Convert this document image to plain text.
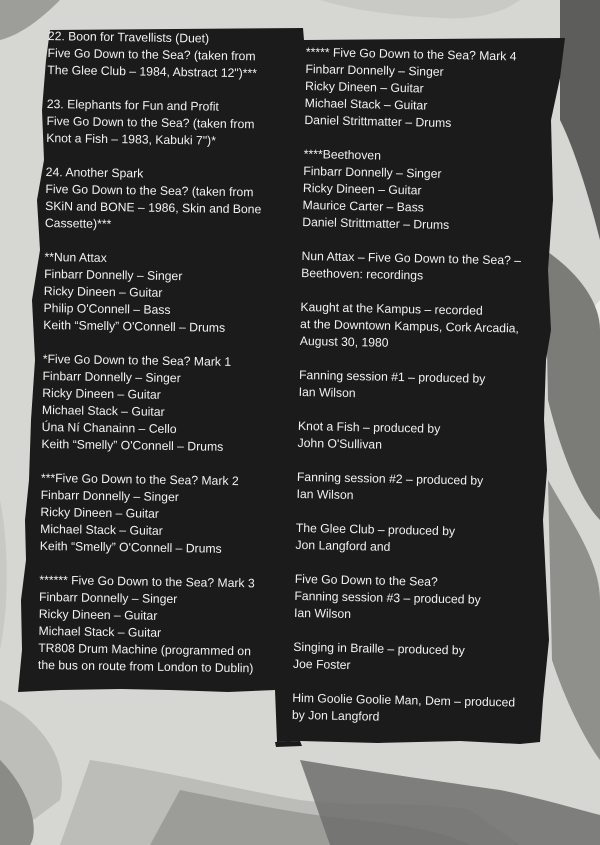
22. Boon for Travellists (Duet)

Five Go Down to the Sea? (taken from

The Glee Club – 1984, Abstract 12")***

23. Elephants for Fun and Profit

Five Go Down to the Sea? (taken from

Knot a Fish – 1983, Kabuki 7")*

24. Another Spark

Five Go Down to the Sea? (taken from

SKiN and BONE – 1986, Skin and Bone

Cassette)***

**Nun Attax

Finbarr Donnelly – Singer

Ricky Dineen – Guitar

Philip O'Connell – Bass

Keith “Smelly” O'Connell – Drums

*Five Go Down to the Sea? Mark 1

Finbarr Donnelly – Singer

Ricky Dineen – Guitar

Michael Stack – Guitar

Úna Ní Chanainn – Cello

Keith “Smelly” O'Connell – Drums

***Five Go Down to the Sea? Mark 2

Finbarr Donnelly – Singer

Ricky Dineen – Guitar

Michael Stack – Guitar

Keith “Smelly” O'Connell – Drums

****** Five Go Down to the Sea? Mark 3

Finbarr Donnelly – Singer

Ricky Dineen – Guitar

Michael Stack – Guitar

TR808 Drum Machine (programmed on

the bus on route from London to Dublin)

***** Five Go Down to the Sea? Mark 4

Finbarr Donnelly – Singer

Ricky Dineen – Guitar

Michael Stack – Guitar

Daniel Strittmatter – Drums

****Beethoven

Finbarr Donnelly – Singer

Ricky Dineen – Guitar

Maurice Carter – Bass

Daniel Strittmatter – Drums

Nun Attax – Five Go Down to the Sea? –

Beethoven: recordings

Kaught at the Kampus – recorded

at the Downtown Kampus, Cork Arcadia,

August 30, 1980

Fanning session #1 – produced by

Ian Wilson

Knot a Fish – produced by

John O'Sullivan

Fanning session #2 – produced by

Ian Wilson

The Glee Club – produced by

Jon Langford and

Five Go Down to the Sea?

Fanning session #3 – produced by

Ian Wilson

Singing in Braille – produced by

Joe Foster

Him Goolie Goolie Man, Dem – produced

by Jon Langford
